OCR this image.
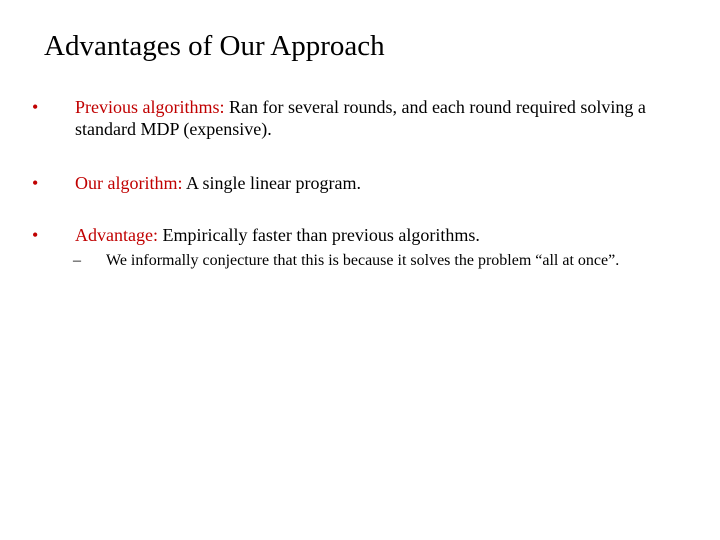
Advantages of Our Approach
• Previous algorithms: Ran for several rounds, and each round required solving a standard MDP (expensive).
• Our algorithm: A single linear program.
• Advantage: Empirically faster than previous algorithms.
– We informally conjecture that this is because it solves the problem “all at once”.
